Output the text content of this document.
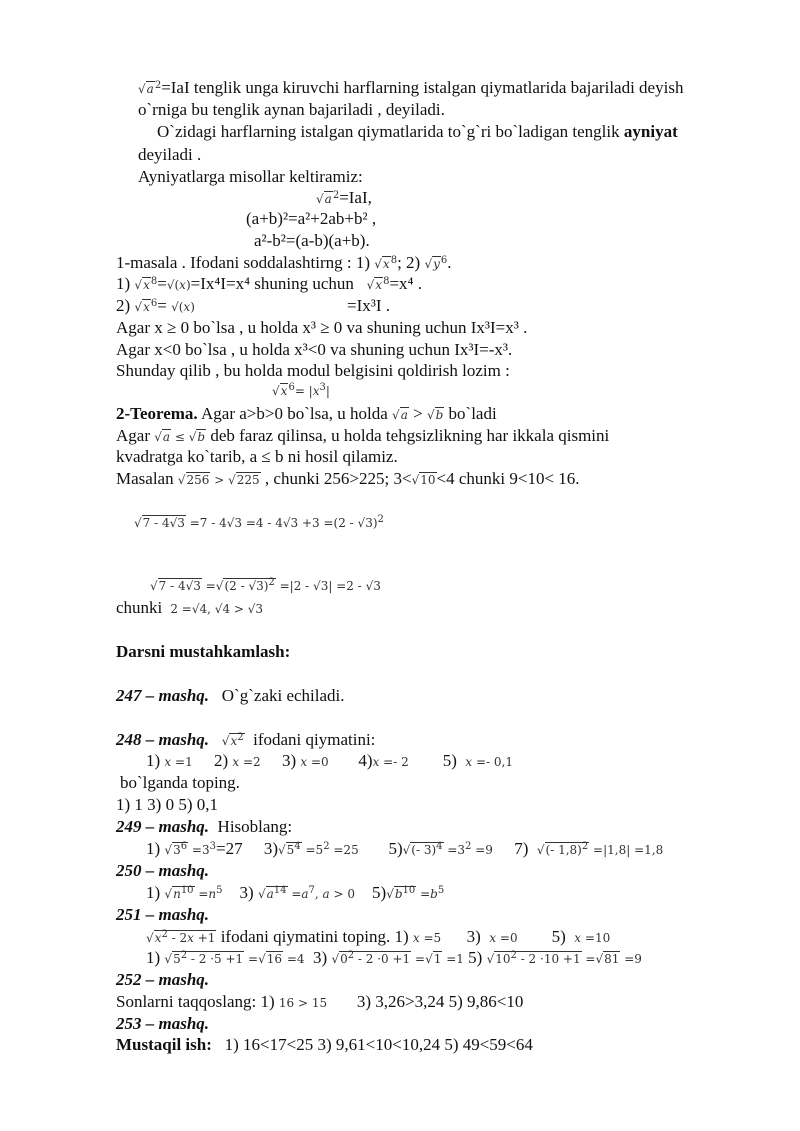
$√a^2=IaI$ tenglik unga kiruvchi harflarning istalgan qiymatlarida bajariladi deyish
o`rniga bu tenglik aynan bajariladi , deyiladi.
O`zidagi harflarning istalgan qiymatlarida to`g`ri bo`ladigan tenglik ayniyat
deyiladi .
Ayniyatlarga misollar keltiramiz:
$√a^2=IaI$,
(a+b)²=a²+2ab+b² ,
a²-b²=(a-b)(a+b).
1-masala . Ifodani soddalashtirng : 1) $√x^8$; 2) $√y^6$.
1) $√x^8=√(x)=Ix^4I=x^4$ shuning uchun $√x^8=x^4$ .
2) $√x^6= √(x)$	=Ix³I .
Agar x ≥ 0 bo`lsa , u holda x³ ≥ 0 va shuning uchun Ix³I=x³ .
Agar x<0 bo`lsa , u holda x³<0 va shuning uchun Ix³I=-x³.
Shunday qilib , bu holda modul belgisini qoldirish lozim :
$√x^6= |x^3|$
2-Teorema. Agar a>b>0 bo`lsa, u holda √a > √b bo`ladi
Agar √a ≤ √b deb faraz qilinsa, u holda tehgsizlikning har ikkala qismini
kvadratga ko`tarib, a ≤ b ni hosil qilamiz.
Masalan √256 > √225 , chunki 256>225; 3<√10<4 chunki 9<10< 16.
√7 - 4√3 =7 - 4√3 =4 - 4√3 +3 =(2 - √3)$^2$
√7 - 4√3 =√(2 - √3)$^2$ =|2 - √3| =2 - √3
chunki  2 =√4, √4 > √3
Darsni mustahkamlash:
247 – mashq. O`g`zaki echiladi.
248 – mashq. $√x^2$ ifodani qiymatini:
1) x =1 2) x =2 3) x =0 4)x =- 2 5) x =- 0,1
bo`lganda toping.
1) 1 3) 0 5) 0,1
249 – mashq. Hisoblang:
1) $√3^6 =3^3=27$     $3)√5^4 =5^2 =25$       5)√(- $3)^4 =3^2 =9$     7)  √(- 1,8)$^2$ =|1,8| =1,8
250 – mashq.
1) $√n^{10} =n^5$    3) $√a^{14} =a^7$, a > 0    $5)√b^{10} =b^5$
251 – mashq.
$√x^2 - 2x +1$ ifodani qiymatini toping. 1) x =5      3)  x =0        5)  x =10
1) $√5^2 - 2 \cdot 5 +1 =√16 =4$  3) $√0^2 - 2 \cdot 0 +1 =√1 =1$ 5) $√10^2 - 2 \cdot 10 +1 =√81 =9$
252 – mashq.
Sonlarni taqqoslang: 1) 16 > 15 3) 3,26>3,24 5) 9,86<10
253 – mashq.
Mustaqil ish: 1) 16<17<25 3) 9,61<10<10,24 5) 49<59<64
